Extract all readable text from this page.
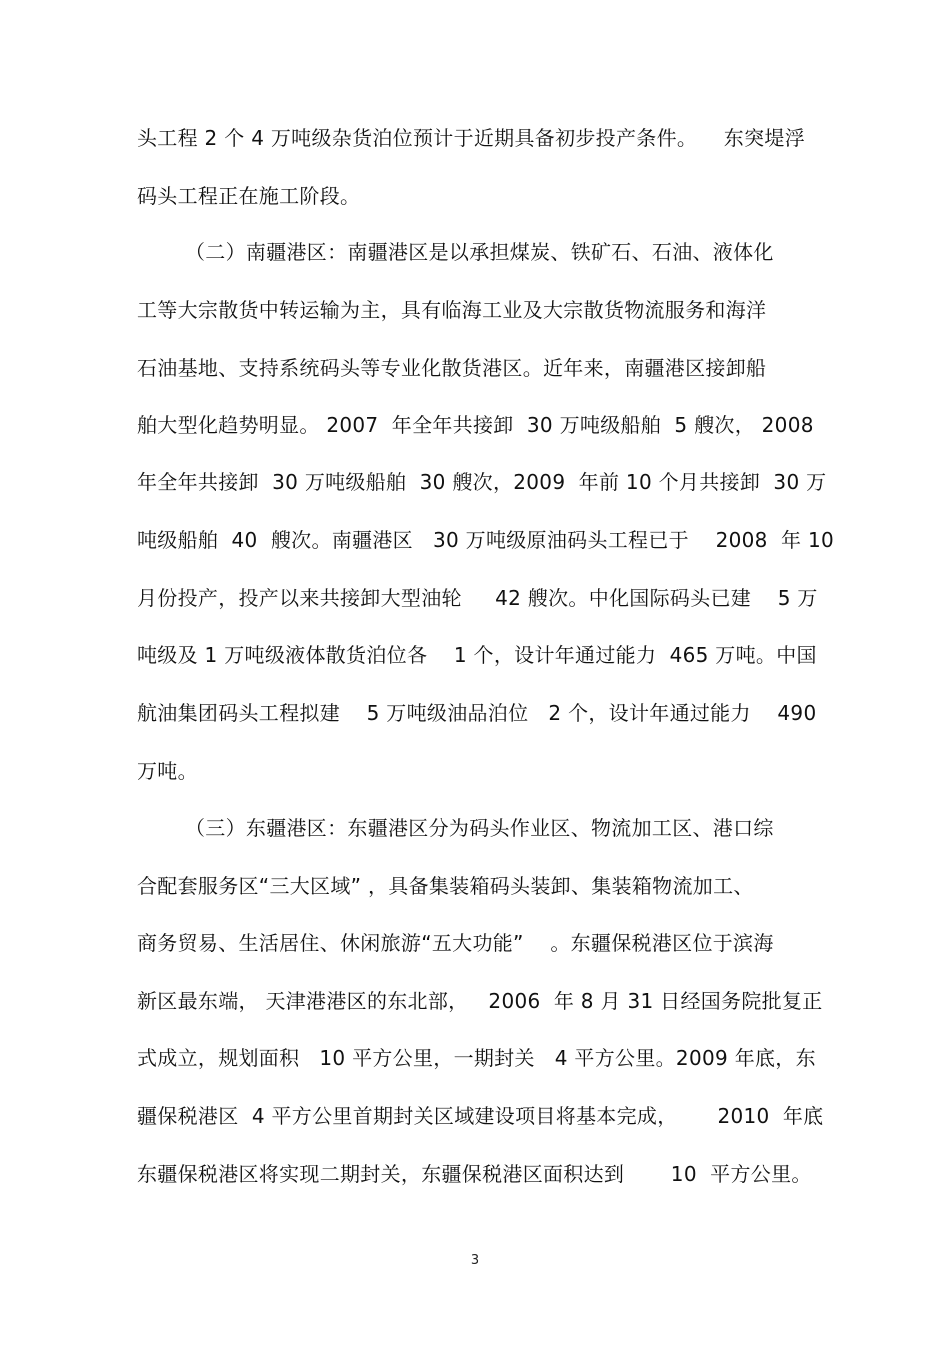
头工程 2 个 4 万吨级杂货泊位预计于近期具备初步投产条件。    东突堤浮
码头工程正在施工阶段。
（二）南疆港区：南疆港区是以承担煤炭、铁矿石、石油、液体化
工等大宗散货中转运输为主，具有临海工业及大宗散货物流服务和海洋
石油基地、支持系统码头等专业化散货港区。近年来，南疆港区接卸船
舶大型化趋势明显。 2007  年全年共接卸  30 万吨级船舶  5 艘次， 2008
年全年共接卸  30 万吨级船舶  30 艘次，2009  年前 10 个月共接卸  30 万
吨级船舶  40  艘次。南疆港区   30 万吨级原油码头工程已于    2008  年 10
月份投产，投产以来共接卸大型油轮     42 艘次。中化国际码头已建    5 万
吨级及 1 万吨级液体散货泊位各    1 个，设计年通过能力  465 万吨。中国
航油集团码头工程拟建    5 万吨级油品泊位   2 个，设计年通过能力    490
万吨。
（三）东疆港区：东疆港区分为码头作业区、物流加工区、港口综
合配套服务区“三大区域” ，具备集装箱码头装卸、集装箱物流加工、
商务贸易、生活居住、休闲旅游“五大功能”    。东疆保税港区位于滨海
新区最东端， 天津港港区的东北部，   2006  年 8 月 31 日经国务院批复正
式成立，规划面积   10 平方公里，一期封关   4 平方公里。2009 年底，东
疆保税港区  4 平方公里首期封关区域建设项目将基本完成，      2010  年底
东疆保税港区将实现二期封关，东疆保税港区面积达到       10  平方公里。
3
